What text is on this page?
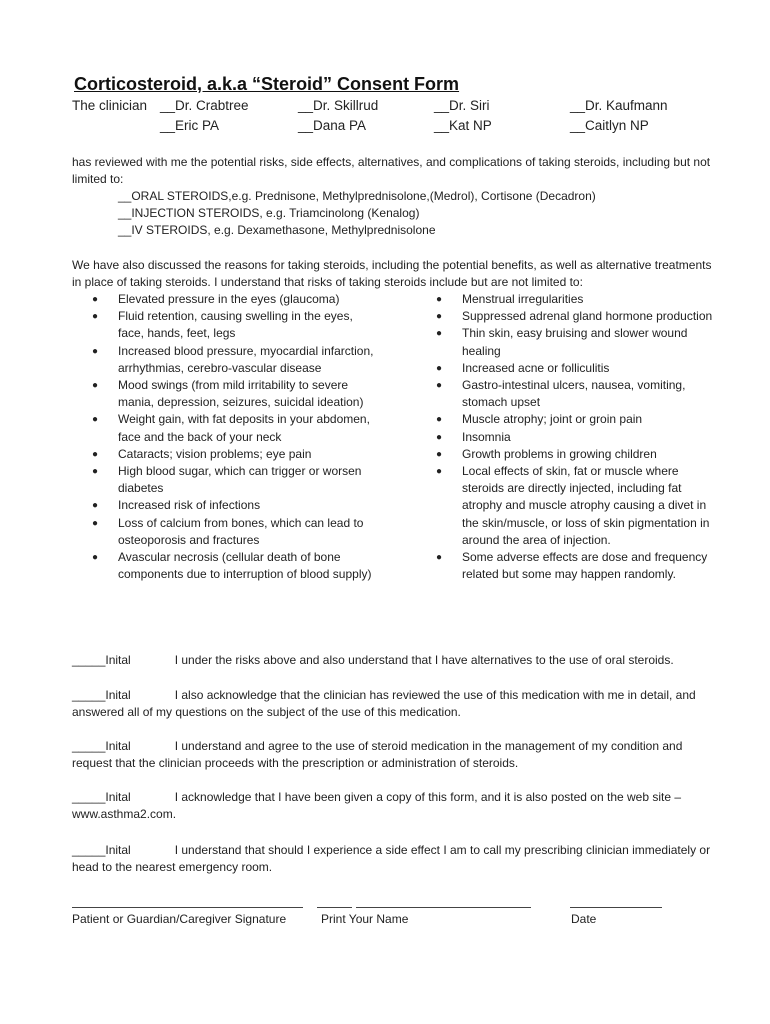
Corticosteroid, a.k.a “Steroid” Consent Form
The clinician __Dr. Crabtree	__Dr. Skillrud	__Dr. Siri	__Dr. Kaufmann
__Eric PA	__Dana PA	__Kat NP	__Caitlyn NP
has reviewed with me the potential risks, side effects, alternatives, and complications of taking steroids, including but not limited to:
__ORAL STEROIDS,e.g. Prednisone, Methylprednisolone,(Medrol), Cortisone (Decadron)
__INJECTION STEROIDS, e.g. Triamcinolong (Kenalog)
__IV STEROIDS, e.g. Dexamethasone, Methylprednisolone
We have also discussed the reasons for taking steroids, including the potential benefits, as well as alternative treatments in place of taking steroids. I understand that risks of taking steroids include but are not limited to:
●	Elevated pressure in the eyes (glaucoma)
●	Fluid retention, causing swelling in the eyes, face, hands, feet, legs
●	Increased blood pressure, myocardial infarction, arrhythmias, cerebro-vascular disease
●	Mood swings (from mild irritability to severe mania, depression, seizures, suicidal ideation)
●	Weight gain, with fat deposits in your abdomen, face and the back of your neck
●	Cataracts; vision problems; eye pain
●	High blood sugar, which can trigger or worsen diabetes
●	Increased risk of infections
●	Loss of calcium from bones, which can lead to osteoporosis and fractures
●	Avascular necrosis (cellular death of bone components due to interruption of blood supply)
●	Menstrual irregularities
●	Suppressed adrenal gland hormone production
●	Thin skin, easy bruising and slower wound healing
●	Increased acne or folliculitis
●	Gastro-intestinal ulcers, nausea, vomiting, stomach upset
●	Muscle atrophy; joint or groin pain
●	Insomnia
●	Growth problems in growing children
●	Local effects of skin, fat or muscle where steroids are directly injected, including fat atrophy and muscle atrophy causing a divet in the skin/muscle, or loss of skin pigmentation in around the area of injection.
●	Some adverse effects are dose and frequency related but some may happen randomly.
_____Inital	I under the risks above and also understand that I have alternatives to the use of oral steroids.
_____Inital	I also acknowledge that the clinician has reviewed the use of this medication with me in detail, and answered all of my questions on the subject of the use of this medication.
_____Inital	I understand and agree to the use of steroid medication in the management of my condition and request that the clinician proceeds with the prescription or administration of steroids.
_____Inital	I acknowledge that I have been given a copy of this form, and it is also posted on the web site – www.asthma2.com.
_____Inital	I understand that should I experience a side effect I am to call my prescribing clinician immediately or head to the nearest emergency room.
Patient or Guardian/Caregiver Signature	Print Your Name	Date
